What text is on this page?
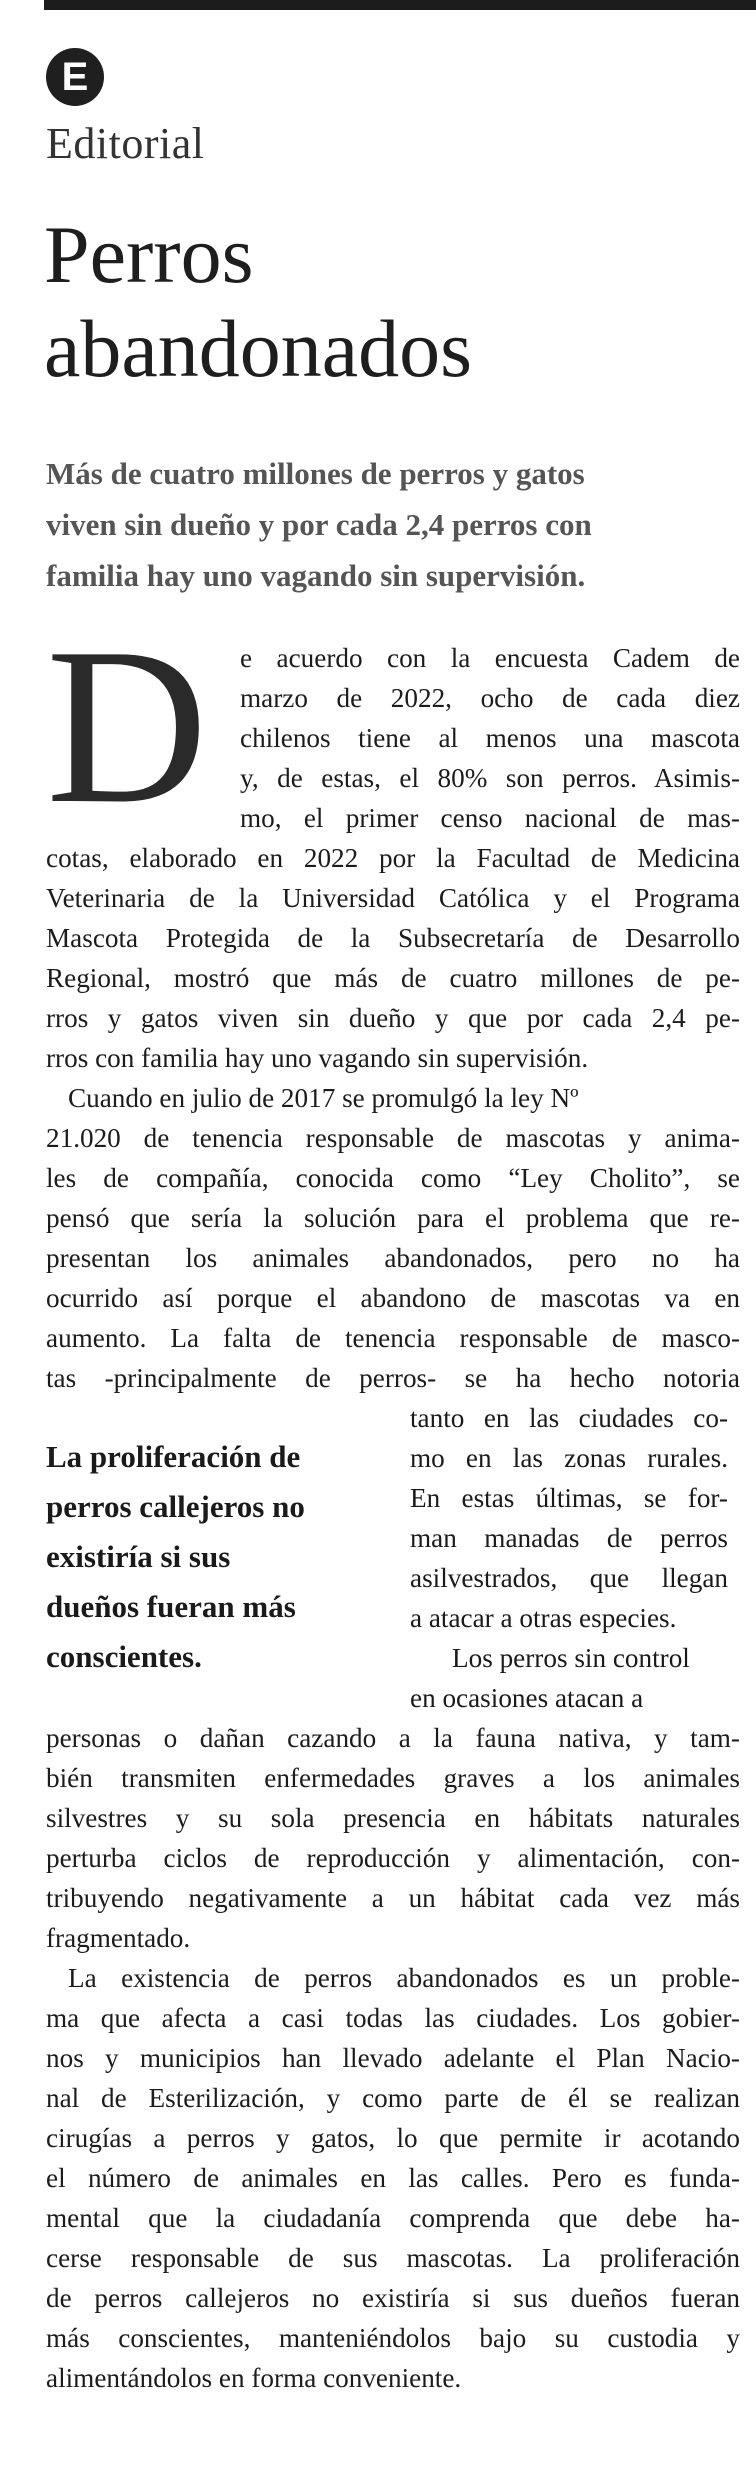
E
Editorial
Perros
abandonados
Más de cuatro millones de perros y gatos
viven sin dueño y por cada 2,4 perros con
familia hay uno vagando sin supervisión.
D	e acuerdo con la encuesta Cadem de
marzo de 2022, ocho de cada diez
chilenos tiene al menos una mascota
y, de estas, el 80% son perros. Asimis-
mo, el primer censo nacional de mas-
cotas, elaborado en 2022 por la Facultad de Medicina
Veterinaria de la Universidad Católica y el Programa
Mascota Protegida de la Subsecretaría de Desarrollo
Regional, mostró que más de cuatro millones de pe-
rros y gatos viven sin dueño y que por cada 2,4 pe-
rros con familia hay uno vagando sin supervisión.
Cuando en julio de 2017 se promulgó la ley Nº
21.020 de tenencia responsable de mascotas y anima-
les de compañía, conocida como “Ley Cholito”, se
pensó que sería la solución para el problema que re-
presentan los animales abandonados, pero no ha
ocurrido así porque el abandono de mascotas va en
aumento. La falta de tenencia responsable de masco-
tas -principalmente de perros- se ha hecho notoria
La proliferación de
perros callejeros no
existiría si sus
dueños fueran más
conscientes.
tanto en las ciudades co-
mo en las zonas rurales.
En estas últimas, se for-
man manadas de perros
asilvestrados, que llegan
a atacar a otras especies.
Los perros sin control
en ocasiones atacan a
personas o dañan cazando a la fauna nativa, y tam-
bién transmiten enfermedades graves a los animales
silvestres y su sola presencia en hábitats naturales
perturba ciclos de reproducción y alimentación, con-
tribuyendo negativamente a un hábitat cada vez más
fragmentado.
La existencia de perros abandonados es un proble-
ma que afecta a casi todas las ciudades. Los gobier-
nos y municipios han llevado adelante el Plan Nacio-
nal de Esterilización, y como parte de él se realizan
cirugías a perros y gatos, lo que permite ir acotando
el número de animales en las calles. Pero es funda-
mental que la ciudadanía comprenda que debe ha-
cerse responsable de sus mascotas. La proliferación
de perros callejeros no existiría si sus dueños fueran
más conscientes, manteniéndolos bajo su custodia y
alimentándolos en forma conveniente.
